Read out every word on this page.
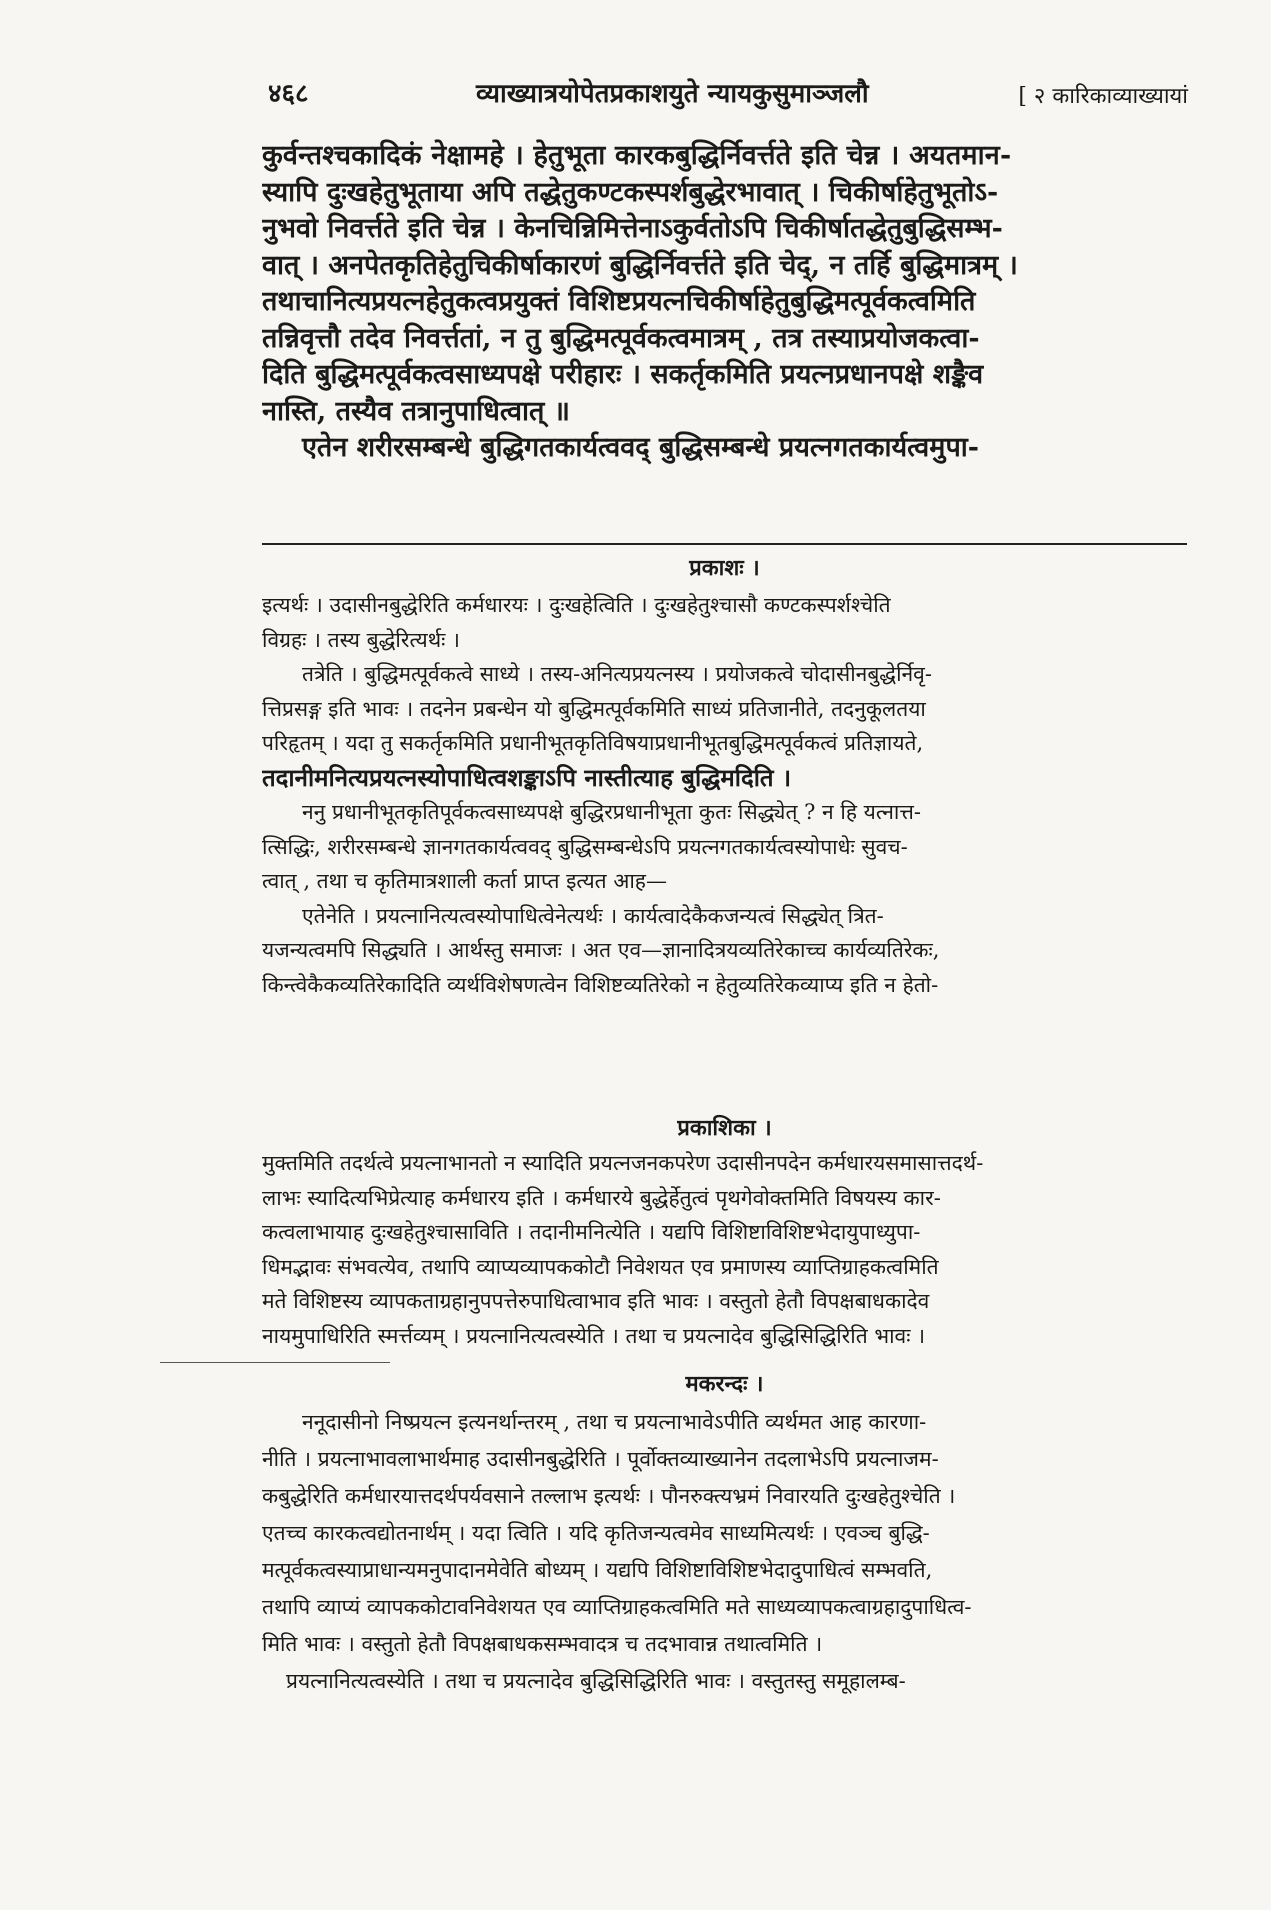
४६८	व्याख्यात्रयोपेतप्रकाशयुते न्यायकुसुमाञ्जलौ	[ २ कारिकाव्याख्यायां
कुर्वन्तश्चकादिकं नेक्षामहे । हेतुभूता कारकबुद्धिर्निवर्त्तते इति चेन्न । अयतमान-
स्यापि दुःखहेतुभूताया अपि तद्धेतुकण्टकस्पर्शबुद्धेरभावात् । चिकीर्षाहेतुभूतोऽ-
नुभवो निवर्त्तते इति चेन्न । केनचिन्निमित्तेनाऽकुर्वतोऽपि चिकीर्षातद्धेतुबुद्धिसम्भ-
वात् । अनपेतकृतिहेतुचिकीर्षाकारणं बुद्धिर्निवर्त्तते इति चेद्, न तर्हि बुद्धिमात्रम् ।
तथाचानित्यप्रयत्नहेतुकत्वप्रयुक्तं विशिष्टप्रयत्नचिकीर्षाहेतुबुद्धिमत्पूर्वकत्वमिति
तन्निवृत्तौ तदेव निवर्त्ततां, न तु बुद्धिमत्पूर्वकत्वमात्रम् , तत्र तस्याप्रयोजकत्वा-
दिति बुद्धिमत्पूर्वकत्वसाध्यपक्षे परीहारः । सकर्तृकमिति प्रयत्नप्रधानपक्षे शङ्कैव
नास्ति, तस्यैव तत्रानुपाधित्वात् ॥
एतेन शरीरसम्बन्धे बुद्धिगतकार्यत्ववद् बुद्धिसम्बन्धे प्रयत्नगतकार्यत्वमुपा-
प्रकाशः ।
इत्यर्थः । उदासीनबुद्धेरिति कर्मधारयः । दुःखहेत्विति । दुःखहेतुश्चासौ कण्टकस्पर्शश्चेति
विग्रहः । तस्य बुद्धेरित्यर्थः ।
तत्रेति । बुद्धिमत्पूर्वकत्वे साध्ये । तस्य-अनित्यप्रयत्नस्य । प्रयोजकत्वे चोदासीनबुद्धेर्निवृ-
त्तिप्रसङ्ग इति भावः । तदनेन प्रबन्धेन यो बुद्धिमत्पूर्वकमिति साध्यं प्रतिजानीते, तदनुकूलतया
परिहृतम् । यदा तु सकर्तृकमिति प्रधानीभूतकृतिविषयाप्रधानीभूतबुद्धिमत्पूर्वकत्वं प्रतिज्ञायते,
तदानीमनित्यप्रयत्नस्योपाधित्वशङ्काऽपि नास्तीत्याह बुद्धिमदिति ।
ननु प्रधानीभूतकृतिपूर्वकत्वसाध्यपक्षे बुद्धिरप्रधानीभूता कुतः सिद्ध्येत् ? न हि यत्नात्त-
त्सिद्धिः, शरीरसम्बन्धे ज्ञानगतकार्यत्ववद् बुद्धिसम्बन्धेऽपि प्रयत्नगतकार्यत्वस्योपाधेः सुवच-
त्वात् , तथा च कृतिमात्रशाली कर्ता प्राप्त इत्यत आह—
एतेनेति । प्रयत्नानित्यत्वस्योपाधित्वेनेत्यर्थः । कार्यत्वादेकैकजन्यत्वं सिद्ध्येत् त्रित-
यजन्यत्वमपि सिद्ध्यति । आर्थस्तु समाजः । अत एव—ज्ञानादित्रयव्यतिरेकाच्च कार्यव्यतिरेकः,
किन्त्वेकैकव्यतिरेकादिति व्यर्थविशेषणत्वेन विशिष्टव्यतिरेको न हेतुव्यतिरेकव्याप्य इति न हेतो-
प्रकाशिका ।
मुक्तमिति तदर्थत्वे प्रयत्नाभानतो न स्यादिति प्रयत्नजनकपरेण उदासीनपदेन कर्मधारयसमासात्तदर्थ-
लाभः स्यादित्यभिप्रेत्याह कर्मधारय इति । कर्मधारये बुद्धेर्हेतुत्वं पृथगेवोक्तमिति विषयस्य कार-
कत्वलाभायाह दुःखहेतुश्चासाविति । तदानीमनित्येति । यद्यपि विशिष्टाविशिष्टभेदायुपाध्युपा-
धिमद्भावः संभवत्येव, तथापि व्याप्यव्यापककोटौ निवेशयत एव प्रमाणस्य व्याप्तिग्राहकत्वमिति
मते विशिष्टस्य व्यापकताग्रहानुपपत्तेरुपाधित्वाभाव इति भावः । वस्तुतो हेतौ विपक्षबाधकादेव
नायमुपाधिरिति स्मर्त्तव्यम् । प्रयत्नानित्यत्वस्येति । तथा च प्रयत्नादेव बुद्धिसिद्धिरिति भावः ।
मकरन्दः ।
ननूदासीनो निष्प्रयत्न इत्यनर्थान्तरम् , तथा च प्रयत्नाभावेऽपीति व्यर्थमत आह कारणा-
नीति । प्रयत्नाभावलाभार्थमाह उदासीनबुद्धेरिति । पूर्वोक्तव्याख्यानेन तदलाभेऽपि प्रयत्नाजम-
कबुद्धेरिति कर्मधारयात्तदर्थपर्यवसाने तल्लाभ इत्यर्थः । पौनरुक्त्यभ्रमं निवारयति दुःखहेतुश्चेति ।
एतच्च कारकत्वद्योतनार्थम् । यदा त्विति । यदि कृतिजन्यत्वमेव साध्यमित्यर्थः । एवञ्च बुद्धि-
मत्पूर्वकत्वस्याप्राधान्यमनुपादानमेवेति बोध्यम् । यद्यपि विशिष्टाविशिष्टभेदादुपाधित्वं सम्भवति,
तथापि व्याप्यं व्यापककोटावनिवेशयत एव व्याप्तिग्राहकत्वमिति मते साध्यव्यापकत्वाग्रहादुपाधित्व-
मिति भावः । वस्तुतो हेतौ विपक्षबाधकसम्भवादत्र च तदभावान्न तथात्वमिति ।
प्रयत्नानित्यत्वस्येति । तथा च प्रयत्नादेव बुद्धिसिद्धिरिति भावः । वस्तुतस्तु समूहालम्ब-
